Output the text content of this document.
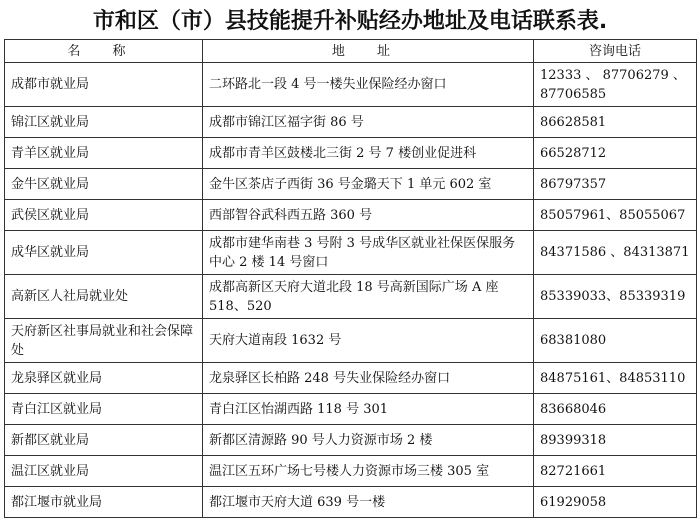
市和区（市）县技能提升补贴经办地址及电话联系表.
名 称	地 址	咨询电话
成都市就业局	二环路北一段 4 号一楼失业保险经办窗口	12333 、 87706279 、
87706585
锦江区就业局	成都市锦江区福字街 86 号	86628581
青羊区就业局	成都市青羊区鼓楼北三街 2 号 7 楼创业促进科	66528712
金牛区就业局	金牛区茶店子西街 36 号金璐天下 1 单元 602 室	86797357
武侯区就业局	西部智谷武科西五路 360 号	85057961、85055067
成华区就业局	成都市建华南巷 3 号附 3 号成华区就业社保医保服务中心 2 楼 14 号窗口	84371586 、84313871
高新区人社局就业处	成都高新区天府大道北段 18 号高新国际广场 A 座 518、520	85339033、85339319
天府新区社事局就业和社会保障处	天府大道南段 1632 号	68381080
龙泉驿区就业局	龙泉驿区长柏路 248 号失业保险经办窗口	84875161、84853110
青白江区就业局	青白江区怡湖西路 118 号 301	83668046
新都区就业局	新都区清源路 90 号人力资源市场 2 楼	89399318
温江区就业局	温江区五环广场七号楼人力资源市场三楼 305 室	82721661
都江堰市就业局	都江堰市天府大道 639 号一楼	61929058
